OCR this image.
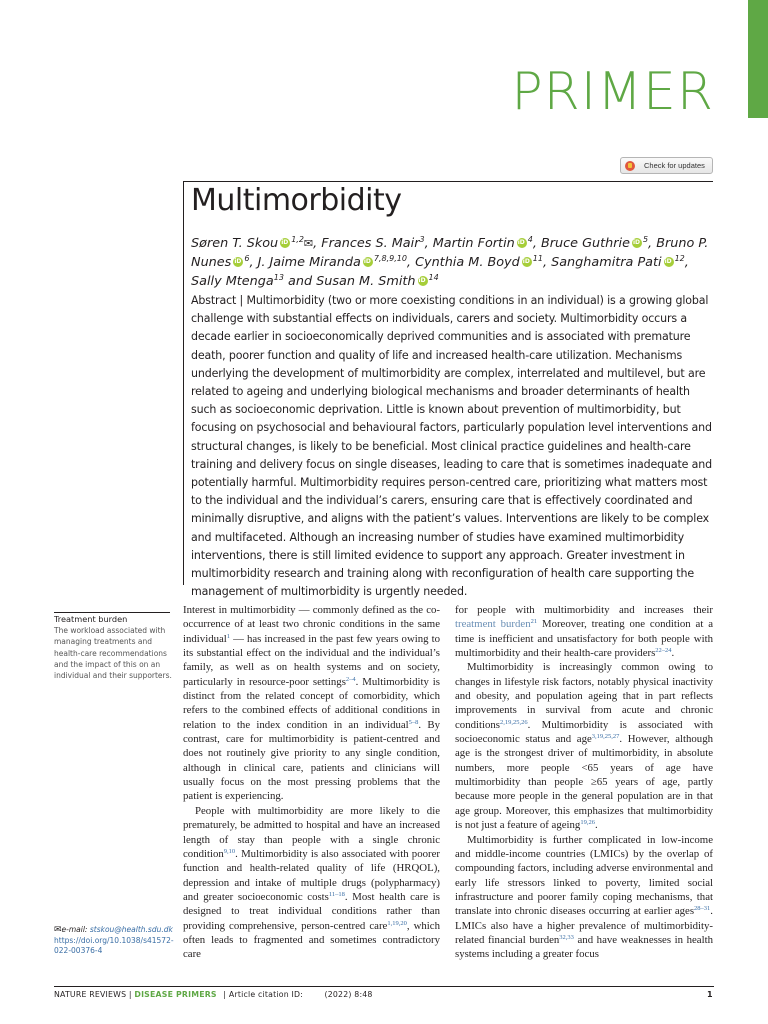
PRIMER
Check for updates
Multimorbidity
Søren T. Skou iD $^{1,2}$✉, Frances S. Mair$^3$, Martin Fortin iD $^4$, Bruce Guthrie iD $^5$, Bruno P. Nunes iD $^6$, J. Jaime Miranda iD $^{7,8,9,10}$, Cynthia M. Boyd iD $^{11}$, Sanghamitra Pati iD $^{12}$, Sally Mtenga$^{13}$ and Susan M. Smith iD $^{14}$
Abstract | Multimorbidity (two or more coexisting conditions in an individual) is a growing global challenge with substantial effects on individuals, carers and society. Multimorbidity occurs a decade earlier in socioeconomically deprived communities and is associated with premature death, poorer function and quality of life and increased health-care utilization. Mechanisms underlying the development of multimorbidity are complex, interrelated and multilevel, but are related to ageing and underlying biological mechanisms and broader determinants of health such as socioeconomic deprivation. Little is known about prevention of multimorbidity, but focusing on psychosocial and behavioural factors, particularly population level interventions and structural changes, is likely to be beneficial. Most clinical practice guidelines and health-care training and delivery focus on single diseases, leading to care that is sometimes inadequate and potentially harmful. Multimorbidity requires person-centred care, prioritizing what matters most to the individual and the individual’s carers, ensuring care that is effectively coordinated and minimally disruptive, and aligns with the patient’s values. Interventions are likely to be complex and multifaceted. Although an increasing number of studies have examined multimorbidity interventions, there is still limited evidence to support any approach. Greater investment in multimorbidity research and training along with reconfiguration of health care supporting the management of multimorbidity is urgently needed.
Treatment burden
The workload associated with managing treatments and health-care recommendations and the impact of this on an individual and their supporters.
✉e-mail: stskou@health.sdu.dk
https://doi.org/10.1038/s41572-022-00376-4

Interest in multimorbidity — commonly defined as the co-occurrence of at least two chronic conditions in the same individual$^1$ — has increased in the past few years owing to its substantial effect on the individual and the individual’s family, as well as on health systems and on society, particularly in resource-poor settings$^{2-4}$. Multimorbidity is distinct from the related concept of comorbidity, which refers to the combined effects of additional conditions in relation to the index condition in an individual$^{5-8}$. By contrast, care for multimorbidity is patient-centred and does not routinely give priority to any single condition, although in clinical care, patients and clinicians will usually focus on the most pressing problems that the patient is experiencing.

People with multimorbidity are more likely to die prematurely, be admitted to hospital and have an increased length of stay than people with a single chronic condition$^{9,10}$. Multimorbidity is also associated with poorer function and health-related quality of life (HRQOL), depression and intake of multiple drugs (polypharmacy) and greater socioeconomic costs$^{11-18}$. Most health care is designed to treat individual conditions rather than providing comprehensive, person-centred care$^{1,19,20}$, which often leads to fragmented and sometimes contradictory care

for people with multimorbidity and increases their treatment burden$^{21}$ Moreover, treating one condition at a time is inefficient and unsatisfactory for both people with multimorbidity and their health-care providers$^{22-24}$.

Multimorbidity is increasingly common owing to changes in lifestyle risk factors, notably physical inactivity and obesity, and population ageing that in part reflects improvements in survival from acute and chronic conditions$^{2,19,25,26}$. Multimorbidity is associated with socioeconomic status and age$^{3,19,25,27}$. However, although age is the strongest driver of multimorbidity, in absolute numbers, more people <65 years of age have multimorbidity than people ≥65 years of age, partly because more people in the general population are in that age group. Moreover, this emphasizes that multimorbidity is not just a feature of ageing$^{19,26}$.

Multimorbidity is further complicated in low-income and middle-income countries (LMICs) by the overlap of compounding factors, including adverse environmental and early life stressors linked to poverty, limited social infrastructure and poorer family coping mechanisms, that translate into chronic diseases occurring at earlier ages$^{28-31}$. LMICs also have a higher prevalence of multimorbidity-related financial burden$^{32,33}$ and have weaknesses in health systems including a greater focus

NATURE REVIEWS | DISEASE PRIMERS | Article citation ID:        (2022) 8:48	1
